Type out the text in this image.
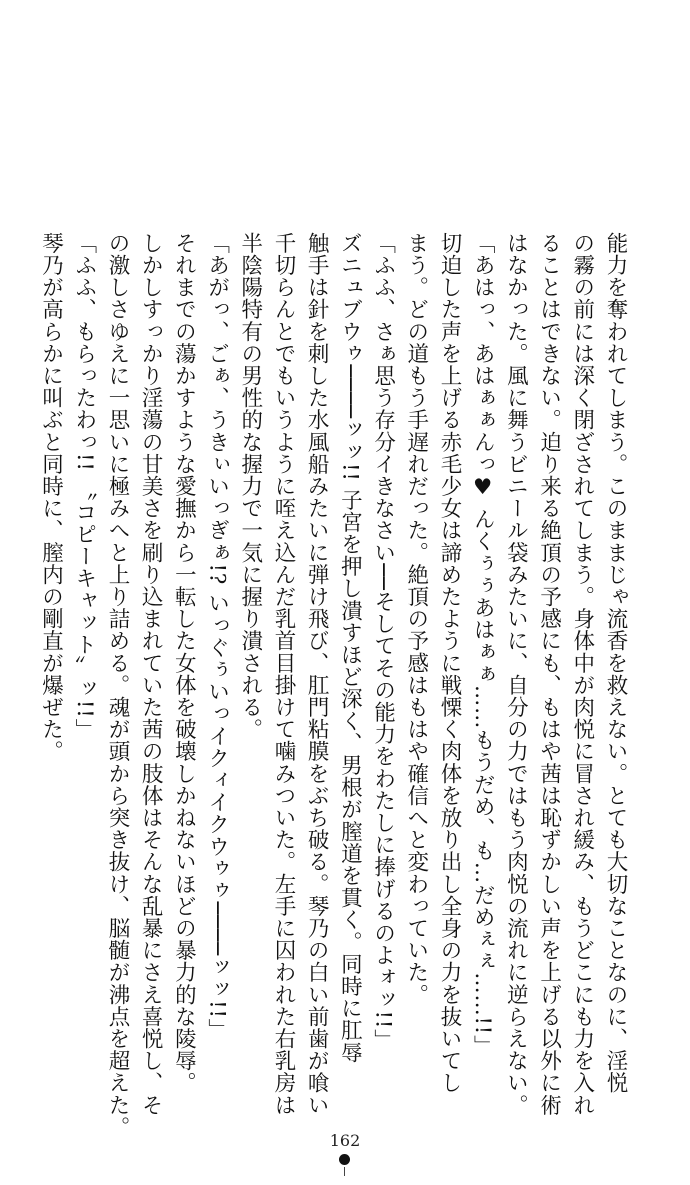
能力を奪われてしまう。このままじゃ流香を救えない。とても大切なことなのに、淫悦
の霧の前には深く閉ざされてしまう。身体中が肉悦に冒され緩み、もうどこにも力を入れ
ることはできない。迫り来る絶頂の予感にも、もはや茜は恥ずかしい声を上げる以外に術
はなかった。風に舞うビニール袋みたいに、自分の力ではもう肉悦の流れに逆らえない。
「あはっ、あはぁぁんっ♥ んくぅぅあはぁぁ……もうだめ、も…だめぇぇ……!!」
切迫した声を上げる赤毛少女は諦めたように戦慄く肉体を放り出し全身の力を抜いてし
まう。どの道もう手遅れだった。絶頂の予感はもはや確信へと変わっていた。
「ふふ、さぁ思う存分イきなさい──そしてその能力をわたしに捧げるのよォッ!!」
ズニュブウゥ────ッッ!! 子宮を押し潰すほど深く、男根が膣道を貫く。同時に肛辱
触手は針を刺した水風船みたいに弾け飛び、肛門粘膜をぶち破る。琴乃の白い前歯が喰い
千切らんとでもいうように咥え込んだ乳首目掛けて噛みついた。左手に囚われた右乳房は
半陰陽特有の男性的な握力で一気に握り潰される。
「あがっ、ごぁ、うきぃいっぎぁ!? いっぐぅいっイクィイクウゥゥ────ッッ!!」
それまでの蕩かすような愛撫から一転した女体を破壊しかねないほどの暴力的な陵辱。
しかしすっかり淫蕩の甘美さを刷り込まれていた茜の肢体はそんな乱暴にさえ喜悦し、そ
の激しさゆえに一思いに極みへと上り詰める。魂が頭から突き抜け、脳髄が沸点を超えた。
「ふふ、もらったわっ!! 〝コピーキャット〟ッ!!」
琴乃が高らかに叫ぶと同時に、膣内の剛直が爆ぜた。
162
